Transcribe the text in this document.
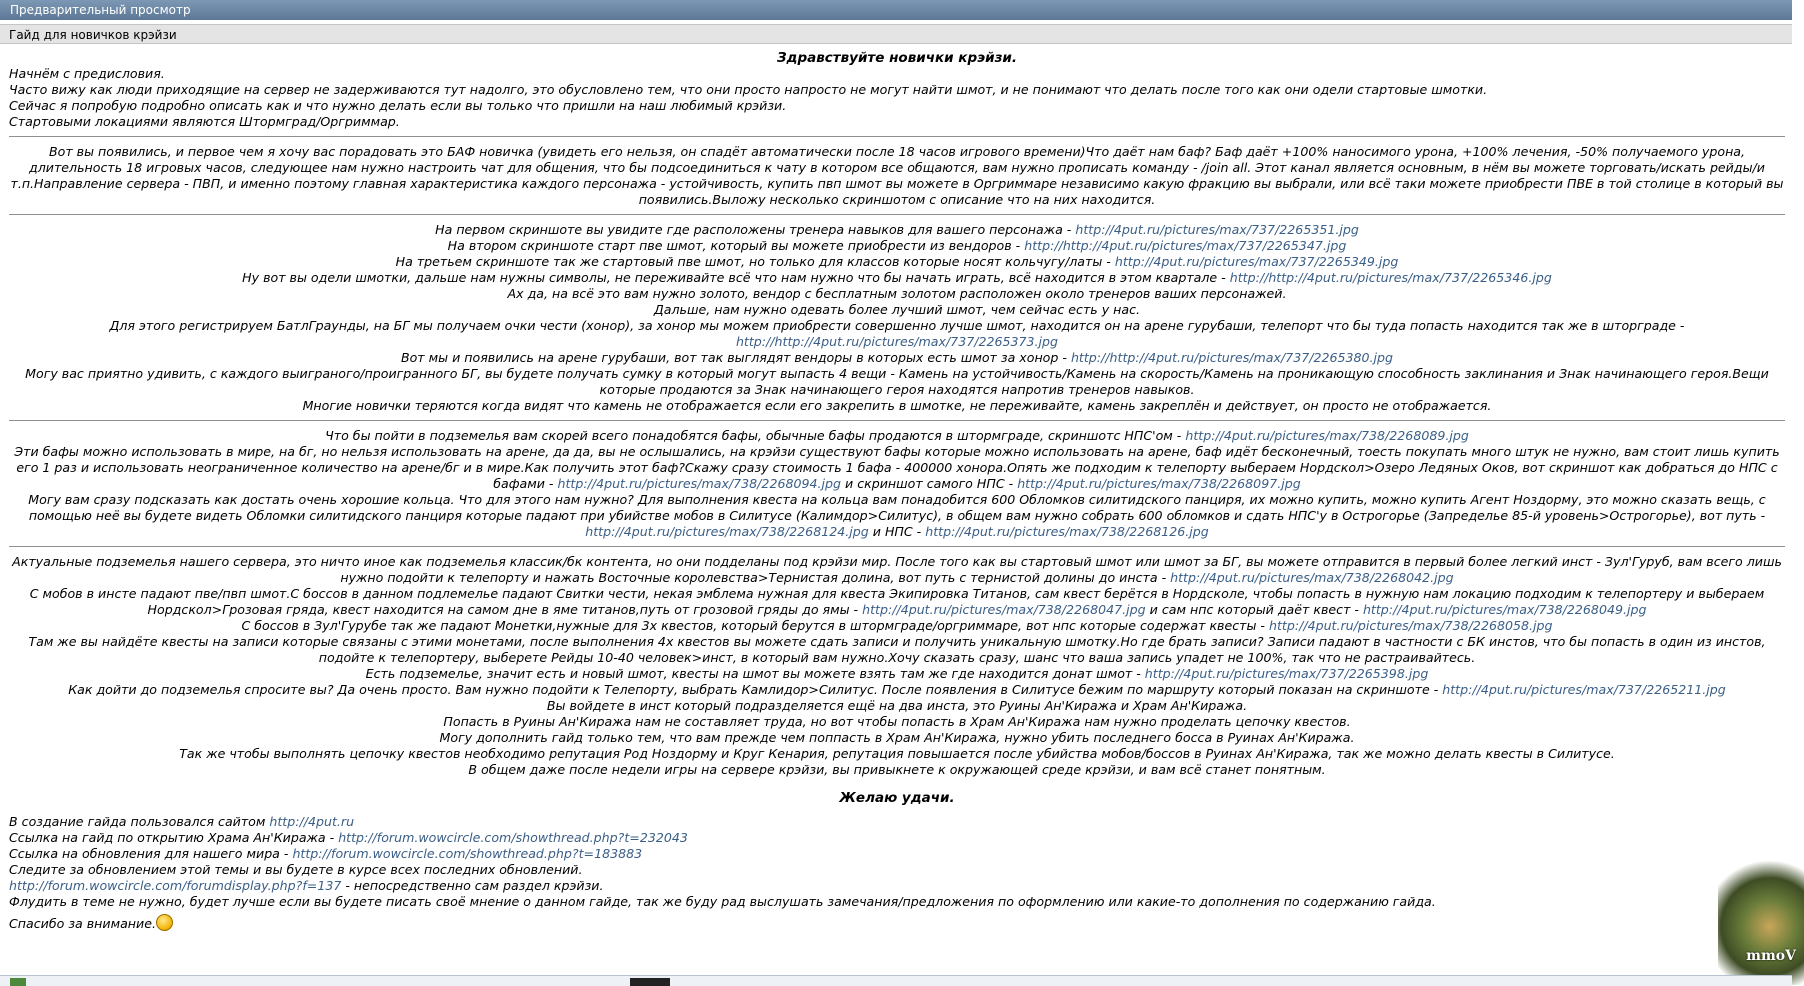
Предварительный просмотр
Гайд для новичков крэйзи
Здравствуйте новички крэйзи.
Начнём с предисловия.
Часто вижу как люди приходящие на сервер не задерживаются тут надолго, это обусловлено тем, что они просто напросто не могут найти шмот, и не понимают что делать после того как они одели стартовые шмотки.
Сейчас я попробую подробно описать как и что нужно делать если вы только что пришли на наш любимый крэйзи.
Стартовыми локациями являются Штормград/Оргриммар.
Вот вы появились, и первое чем я хочу вас порадовать это БАФ новичка (увидеть его нельзя, он спадёт автоматически после 18 часов игрового времени)Что даёт нам баф? Баф даёт +100% наносимого урона, +100% лечения, -50% получаемого урона, длительность 18 игровых часов, следующее нам нужно настроить чат для общения, что бы подсоединиться к чату в котором все общаются, вам нужно прописать команду - /join all. Этот канал является основным, в нём вы можете торговать/искать рейды/и т.п.Направление сервера - ПВП, и именно поэтому главная характеристика каждого персонажа - устойчивость, купить пвп шмот вы можете в Оргриммаре независимо какую фракцию вы выбрали, или всё таки можете приобрести ПВЕ в той столице в который вы появились.Выложу несколько скриншотом с описание что на них находится.
На первом скриншоте вы увидите где расположены тренера навыков для вашего персонажа - http://4put.ru/pictures/max/737/2265351.jpg
На втором скриншоте старт пве шмот, который вы можете приобрести из вендоров - http://http://4put.ru/pictures/max/737/2265347.jpg
На третьем скриншоте так же стартовый пве шмот, но только для классов которые носят кольчугу/латы - http://4put.ru/pictures/max/737/2265349.jpg
Ну вот вы одели шмотки, дальше нам нужны символы, не переживайте всё что нам нужно что бы начать играть, всё находится в этом квартале - http://http://4put.ru/pictures/max/737/2265346.jpg
Ах да, на всё это вам нужно золото, вендор с бесплатным золотом расположен около тренеров ваших персонажей.
Дальше, нам нужно одевать более лучший шмот, чем сейчас есть у нас.
Для этого регистрируем БатлГраунды, на БГ мы получаем очки чести (хонор), за хонор мы можем приобрести совершенно лучше шмот, находится он на арене гурубаши, телепорт что бы туда попасть находится так же в шторграде - http://http://4put.ru/pictures/max/737/2265373.jpg
Вот мы и появились на арене гурубаши, вот так выглядят вендоры в которых есть шмот за хонор - http://http://4put.ru/pictures/max/737/2265380.jpg
Могу вас приятно удивить, с каждого выиграного/проигранного БГ, вы будете получать сумку в который могут выпасть 4 вещи - Камень на устойчивость/Камень на скорость/Камень на проникающую способность заклинания и Знак начинающего героя.Вещи которые продаются за Знак начинающего героя находятся напротив тренеров навыков.
Многие новички теряются когда видят что камень не отображается если его закрепить в шмотке, не переживайте, камень закреплён и действует, он просто не отображается.
Что бы пойти в подземелья вам скорей всего понадобятся бафы, обычные бафы продаются в штормграде, скриншотс НПС'ом - http://4put.ru/pictures/max/738/2268089.jpg
Эти бафы можно использовать в мире, на бг, но нельзя использовать на арене, да да, вы не ослышались, на крэйзи существуют бафы которые можно использовать на арене, баф идёт бесконечный, тоесть покупать много штук не нужно, вам стоит лишь купить его 1 раз и использовать неограниченное количество на арене/бг и в мире.Как получить этот баф?Скажу сразу стоимость 1 бафа - 400000 хонора.Опять же подходим к телепорту выбераем Нордскол>Озеро Ледяных Оков, вот скриншот как добраться до НПС с бафами - http://4put.ru/pictures/max/738/2268094.jpg и скриншот самого НПС - http://4put.ru/pictures/max/738/2268097.jpg
Могу вам сразу подсказать как достать очень хорошие кольца. Что для этого нам нужно? Для выполнения квеста на кольца вам понадобится 600 Обломков силитидского панциря, их можно купить, можно купить Агент Ноздорму, это можно сказать вещь, с помощью неё вы будете видеть Обломки силитидского панциря которые падают при убийстве мобов в Силитусе (Калимдор>Силитус), в общем вам нужно собрать 600 обломков и сдать НПС'у в Острогорье (Запределье 85-й уровень>Острогорье), вот путь - http://4put.ru/pictures/max/738/2268124.jpg и НПС - http://4put.ru/pictures/max/738/2268126.jpg
Актуальные подземелья нашего сервера, это ничто иное как подземелья классик/бк контента, но они подделаны под крэйзи мир. После того как вы стартовый шмот или шмот за БГ, вы можете отправится в первый более легкий инст - Зул'Гуруб, вам всего лишь нужно подойти к телепорту и нажать Восточные королевства>Тернистая долина, вот путь с тернистой долины до инста - http://4put.ru/pictures/max/738/2268042.jpg
С мобов в инсте падают пве/пвп шмот.С боссов в данном подлемелье падают Свитки чести, некая эмблема нужная для квеста Экипировка Титанов, сам квест берётся в Нордсколе, чтобы попасть в нужную нам локацию подходим к телепортеру и выбераем Нордскол>Грозовая гряда, квест находится на самом дне в яме титанов,путь от грозовой гряды до ямы - http://4put.ru/pictures/max/738/2268047.jpg и сам нпс который даёт квест - http://4put.ru/pictures/max/738/2268049.jpg
С боссов в Зул'Гурубе так же падают Монетки,нужные для 3х квестов, который берутся в штормграде/оргриммаре, вот нпс которые содержат квесты - http://4put.ru/pictures/max/738/2268058.jpg
Там же вы найдёте квесты на записи которые связаны с этими монетами, после выполнения 4х квестов вы можете сдать записи и получить уникальную шмотку.Но где брать записи? Записи падают в частности с БК инстов, что бы попасть в один из инстов, подойте к телепортеру, выберете Рейды 10-40 человек>инст, в который вам нужно.Хочу сказать сразу, шанс что ваша запись упадет не 100%, так что не растраивайтесь.
Есть подземелье, значит есть и новый шмот, квесты на шмот вы можете взять там же где находится донат шмот - http://4put.ru/pictures/max/737/2265398.jpg
Как дойти до подземелья спросите вы? Да очень просто. Вам нужно подойти к Телепорту, выбрать Камлидор>Силитус. После появления в Силитусе бежим по маршруту который показан на скриншоте - http://4put.ru/pictures/max/737/2265211.jpg
Вы войдете в инст который подразделяется ещё на два инста, это Руины Ан'Киража и Храм Ан'Киража.
Попасть в Руины Ан'Киража нам не составляет труда, но вот чтобы попасть в Храм Ан'Киража нам нужно проделать цепочку квестов.
Могу дополнить гайд только тем, что вам прежде чем поппасть в Храм Ан'Киража, нужно убить последнего босса в Руинах Ан'Киража.
Так же чтобы выполнять цепочку квестов необходимо репутация Род Ноздорму и Круг Кенария, репутация повышается после убийства мобов/боссов в Руинах Ан'Киража, так же можно делать квесты в Силитусе.
В общем даже после недели игры на сервере крэйзи, вы привыкнете к окружающей среде крэйзи, и вам всё станет понятным.
Желаю удачи.
В создание гайда пользовался сайтом http://4put.ru
Ссылка на гайд по открытию Храма Ан'Киража - http://forum.wowcircle.com/showthread.php?t=232043
Ссылка на обновления для нашего мира - http://forum.wowcircle.com/showthread.php?t=183883
Следите за обновлением этой темы и вы будете в курсе всех последних обновлений.
http://forum.wowcircle.com/forumdisplay.php?f=137 - непосредственно сам раздел крэйзи.
Флудить в теме не нужно, будет лучше если вы будете писать своё мнение о данном гайде, так же буду рад выслушать замечания/предложения по оформлению или какие-то дополнения по содержанию гайда.
Спасибо за внимание.
mmoV
